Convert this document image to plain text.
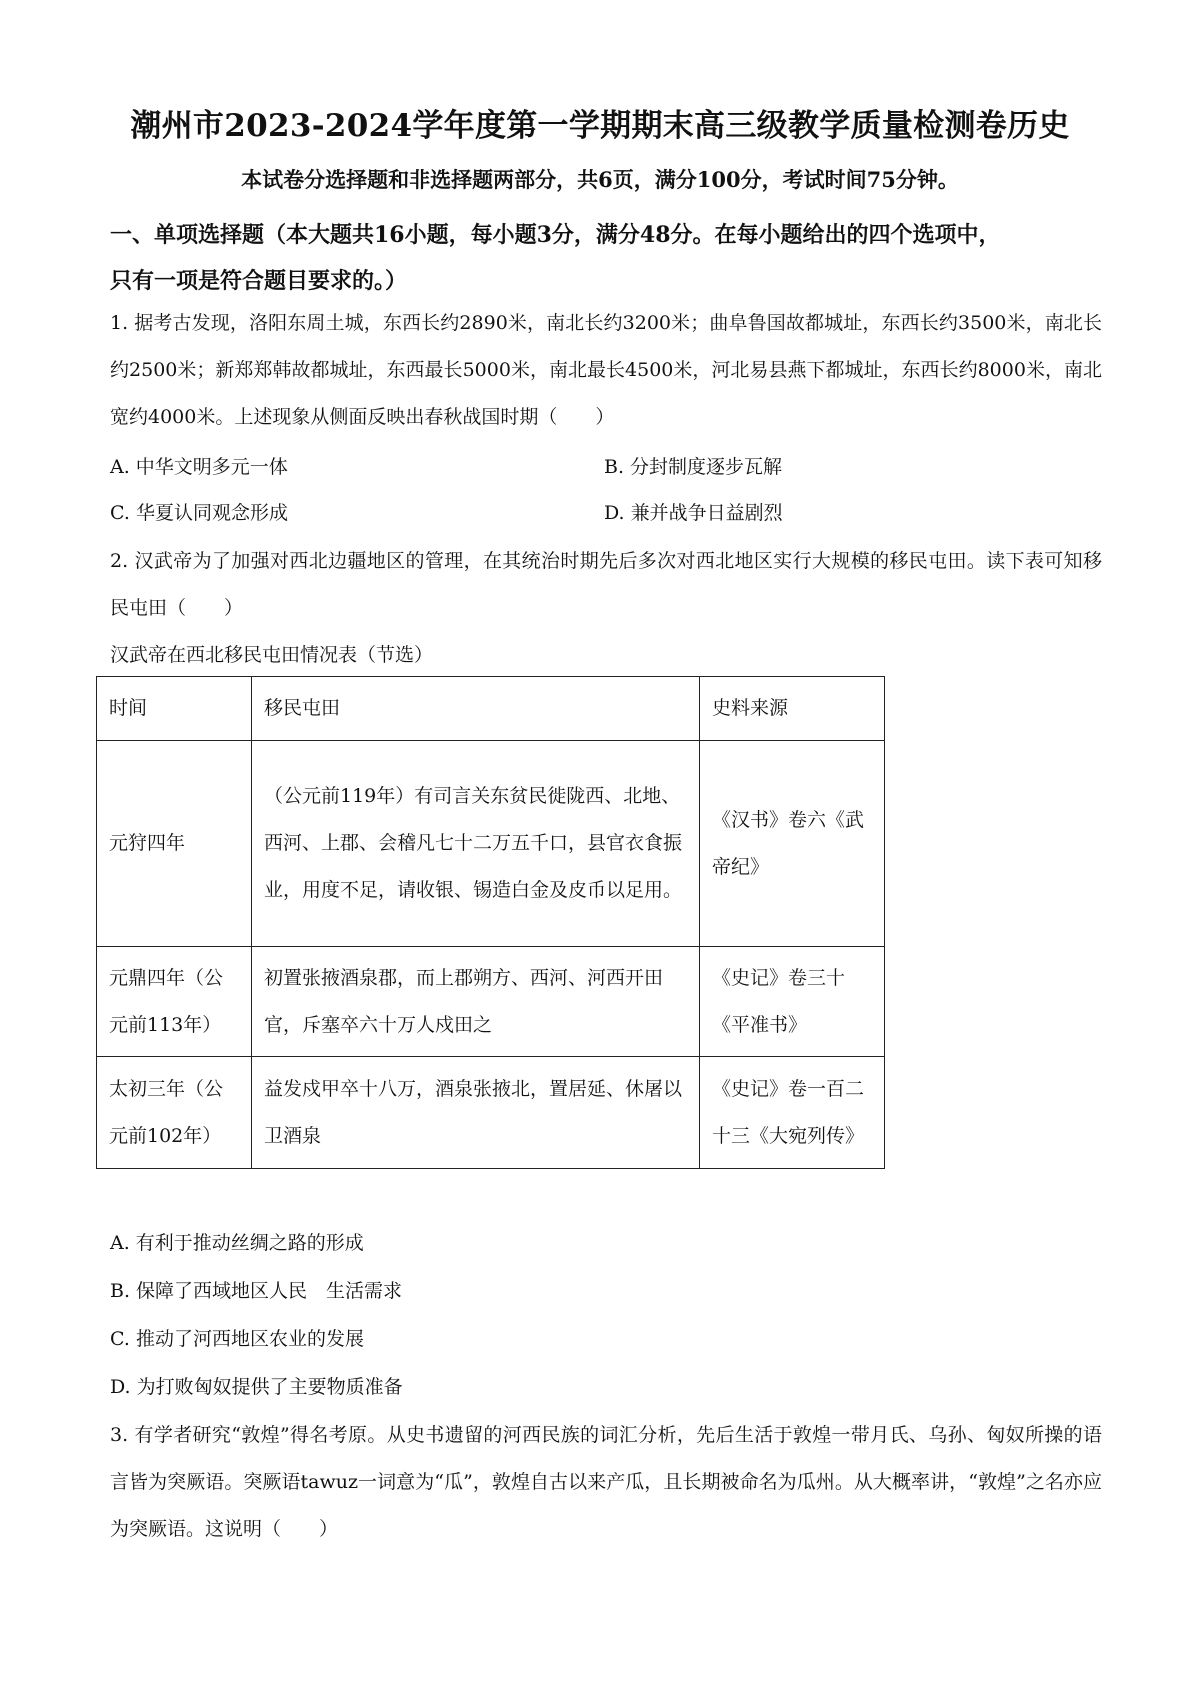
潮州市2023-2024学年度第一学期期末高三级教学质量检测卷历史
本试卷分选择题和非选择题两部分，共6页，满分100分，考试时间75分钟。
一、单项选择题（本大题共16小题，每小题3分，满分48分。在每小题给出的四个选项中，
只有一项是符合题目要求的。）
1. 据考古发现，洛阳东周土城，东西长约2890米，南北长约3200米；曲阜鲁国故都城址，东西长约3500米，南北长约2500米；新郑郑韩故都城址，东西最长5000米，南北最长4500米，河北易县燕下都城址，东西长约8000米，南北宽约4000米。上述现象从侧面反映出春秋战国时期（　　）
A. 中华文明多元一体	B. 分封制度逐步瓦解
C. 华夏认同观念形成	D. 兼并战争日益剧烈
2. 汉武帝为了加强对西北边疆地区的管理，在其统治时期先后多次对西北地区实行大规模的移民屯田。读下表可知移民屯田（　　）
汉武帝在西北移民屯田情况表（节选）
时间	移民屯田	史料来源
元狩四年	（公元前119年）有司言关东贫民徙陇西、北地、西河、上郡、会稽凡七十二万五千口，县官衣食振业，用度不足，请收银、锡造白金及皮币以足用。	《汉书》卷六《武帝纪》
元鼎四年（公元前113年）	初置张掖酒泉郡，而上郡朔方、西河、河西开田官，斥塞卒六十万人戍田之	《史记》卷三十《平准书》
太初三年（公元前102年）	益发戍甲卒十八万，酒泉张掖北，置居延、休屠以卫酒泉	《史记》卷一百二十三《大宛列传》
A. 有利于推动丝绸之路的形成
B. 保障了西域地区人民　生活需求
C. 推动了河西地区农业的发展
D. 为打败匈奴提供了主要物质准备
3. 有学者研究“敦煌”得名考原。从史书遗留的河西民族的词汇分析，先后生活于敦煌一带月氏、乌孙、匈奴所操的语言皆为突厥语。突厥语tawuz一词意为“瓜”，敦煌自古以来产瓜，且长期被命名为瓜州。从大概率讲，“敦煌”之名亦应为突厥语。这说明（　　）
